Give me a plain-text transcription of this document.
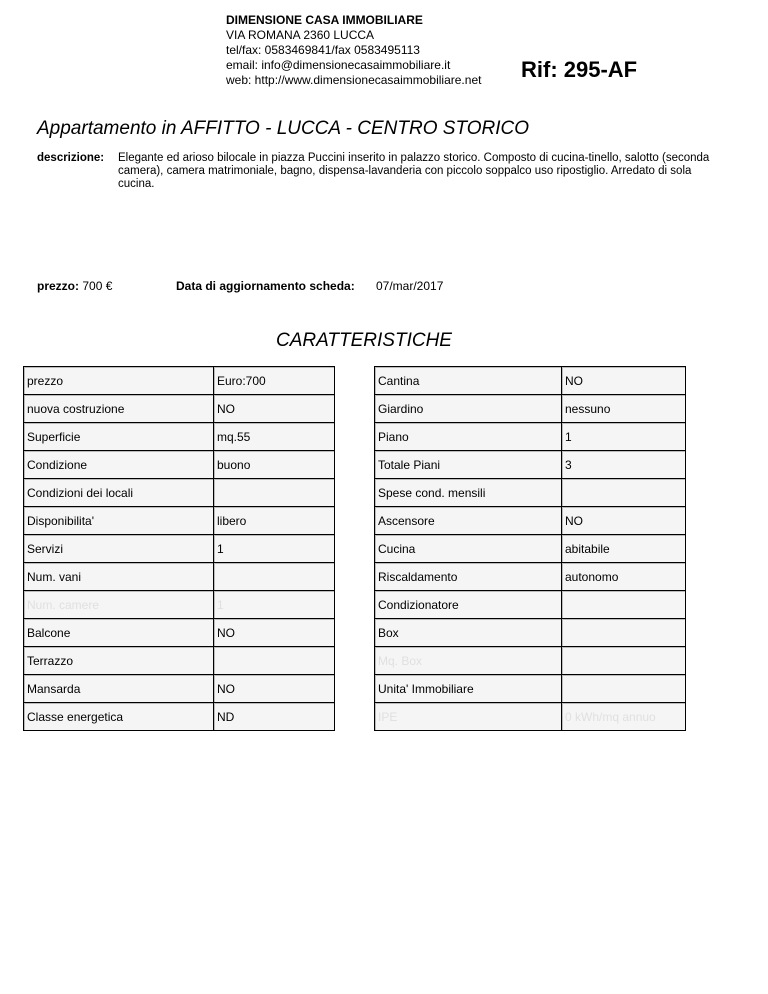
DIMENSIONE CASA IMMOBILIARE
VIA ROMANA 2360 LUCCA
tel/fax: 0583469841/fax 0583495113
email: info@dimensionecasaimmobiliare.it
web: http://www.dimensionecasaimmobiliare.net Rif: 295-AF
Appartamento in AFFITTO - LUCCA - CENTRO STORICO
descrizione: Elegante ed arioso bilocale in piazza Puccini inserito in palazzo storico. Composto di cucina-tinello, salotto (seconda camera), camera matrimoniale, bagno, dispensa-lavanderia con piccolo soppalco uso ripostiglio. Arredato di sola cucina.
prezzo: 700 €	Data di aggiornamento scheda: 07/mar/2017
CARATTERISTICHE
prezzo	Euro:700
nuova costruzione	NO
Superficie	mq.55
Condizione	buono
Condizioni dei locali	
Disponibilita'	libero
Servizi	1
Num. vani	
Num. camere	1
Balcone	NO
Terrazzo	
Mansarda	NO
Classe energetica	ND
Cantina	NO
Giardino	nessuno
Piano	1
Totale Piani	3
Spese cond. mensili	
Ascensore	NO
Cucina	abitabile
Riscaldamento	autonomo
Condizionatore	
Box	
Mq. Box	
Unita' Immobiliare	
IPE	0 kWh/mq annuo
